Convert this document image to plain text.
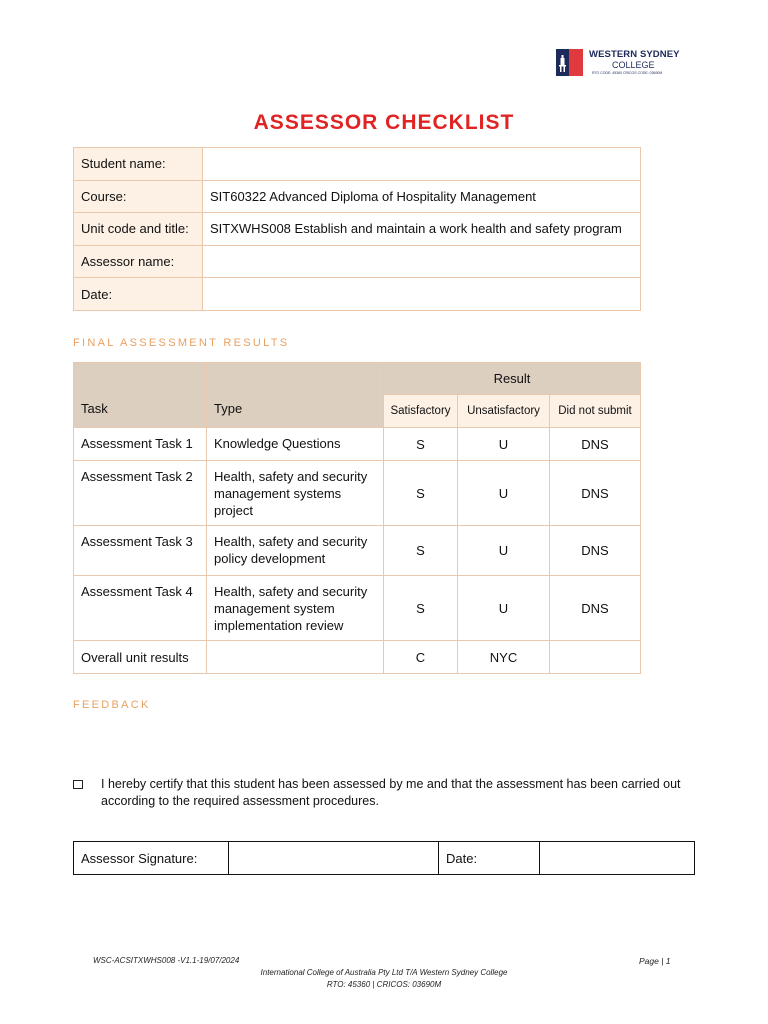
WESTERN SYDNEY
COLLEGE
RTO CODE: 45360 CRICOS CODE: 03690M
ASSESSOR CHECKLIST
Student name:	
Course:	SIT60322 Advanced Diploma of Hospitality Management
Unit code and title:	SITXWHS008 Establish and maintain a work health and safety program
Assessor name:	
Date:	
FINAL ASSESSMENT RESULTS
Task	Type	Result		
		Satisfactory	Unsatisfactory	Did not submit
Assessment Task 1	Knowledge Questions	S	U	DNS
Assessment Task 2	Health, safety and security management systems project	S	U	DNS
Assessment Task 3	Health, safety and security policy development	S	U	DNS
Assessment Task 4	Health, safety and security management system implementation review	S	U	DNS
Overall unit results		C	NYC	
FEEDBACK
I hereby certify that this student has been assessed by me and that the assessment has been carried out according to the required assessment procedures.
Assessor Signature:		Date:	
WSC-ACSITXWHS008 -V1.1-19/07/2024	Page | 1
International College of Australia Pty Ltd T/A Western Sydney College
RTO: 45360 | CRICOS: 03690M
